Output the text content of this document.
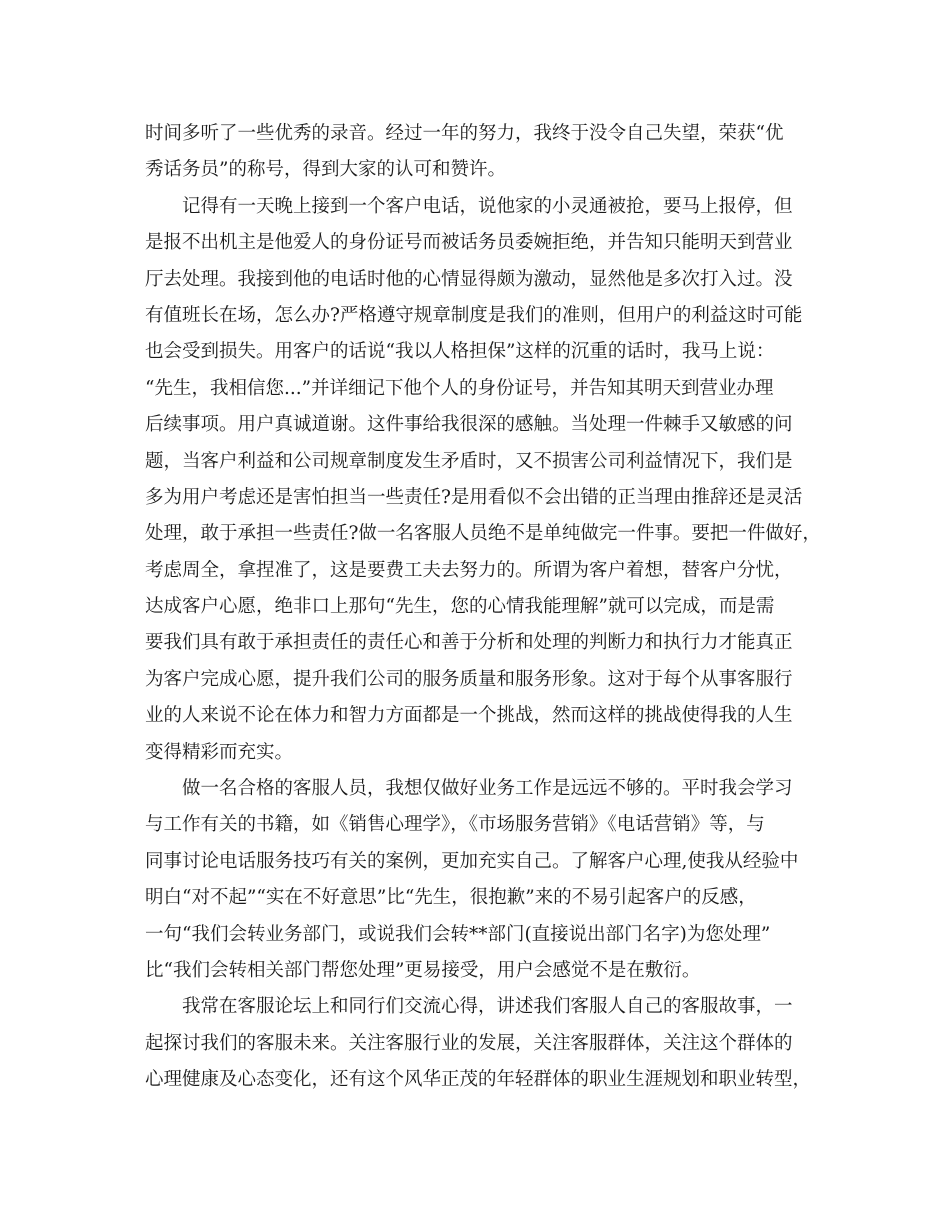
时间多听了一些优秀的录音。经过一年的努力，我终于没令自己失望，荣获“优
秀话务员”的称号，得到大家的认可和赞许。
记得有一天晚上接到一个客户电话，说他家的小灵通被抢，要马上报停，但
是报不出机主是他爱人的身份证号而被话务员委婉拒绝，并告知只能明天到营业
厅去处理。我接到他的电话时他的心情显得颇为激动，显然他是多次打入过。没
有值班长在场，怎么办?严格遵守规章制度是我们的准则，但用户的利益这时可能
也会受到损失。用客户的话说“我以人格担保”这样的沉重的话时，我马上说：
“先生，我相信您...”并详细记下他个人的身份证号，并告知其明天到营业办理
后续事项。用户真诚道谢。这件事给我很深的感触。当处理一件棘手又敏感的问
题，当客户利益和公司规章制度发生矛盾时，又不损害公司利益情况下，我们是
多为用户考虑还是害怕担当一些责任?是用看似不会出错的正当理由推辞还是灵活
处理，敢于承担一些责任?做一名客服人员绝不是单纯做完一件事。要把一件做好，
考虑周全，拿捏准了，这是要费工夫去努力的。所谓为客户着想，替客户分忧，
达成客户心愿，绝非口上那句“先生，您的心情我能理解”就可以完成，而是需
要我们具有敢于承担责任的责任心和善于分析和处理的判断力和执行力才能真正
为客户完成心愿，提升我们公司的服务质量和服务形象。这对于每个从事客服行
业的人来说不论在体力和智力方面都是一个挑战，然而这样的挑战使得我的人生
变得精彩而充实。
做一名合格的客服人员，我想仅做好业务工作是远远不够的。平时我会学习
与工作有关的书籍，如《销售心理学》，《市场服务营销》《电话营销》等，与
同事讨论电话服务技巧有关的案例，更加充实自己。了解客户心理,使我从经验中
明白“对不起”“实在不好意思”比“先生，很抱歉”来的不易引起客户的反感，
一句“我们会转业务部门，或说我们会转**部门(直接说出部门名字)为您处理”
比“我们会转相关部门帮您处理”更易接受，用户会感觉不是在敷衍。
我常在客服论坛上和同行们交流心得，讲述我们客服人自己的客服故事，一
起探讨我们的客服未来。关注客服行业的发展，关注客服群体，关注这个群体的
心理健康及心态变化，还有这个风华正茂的年轻群体的职业生涯规划和职业转型，
